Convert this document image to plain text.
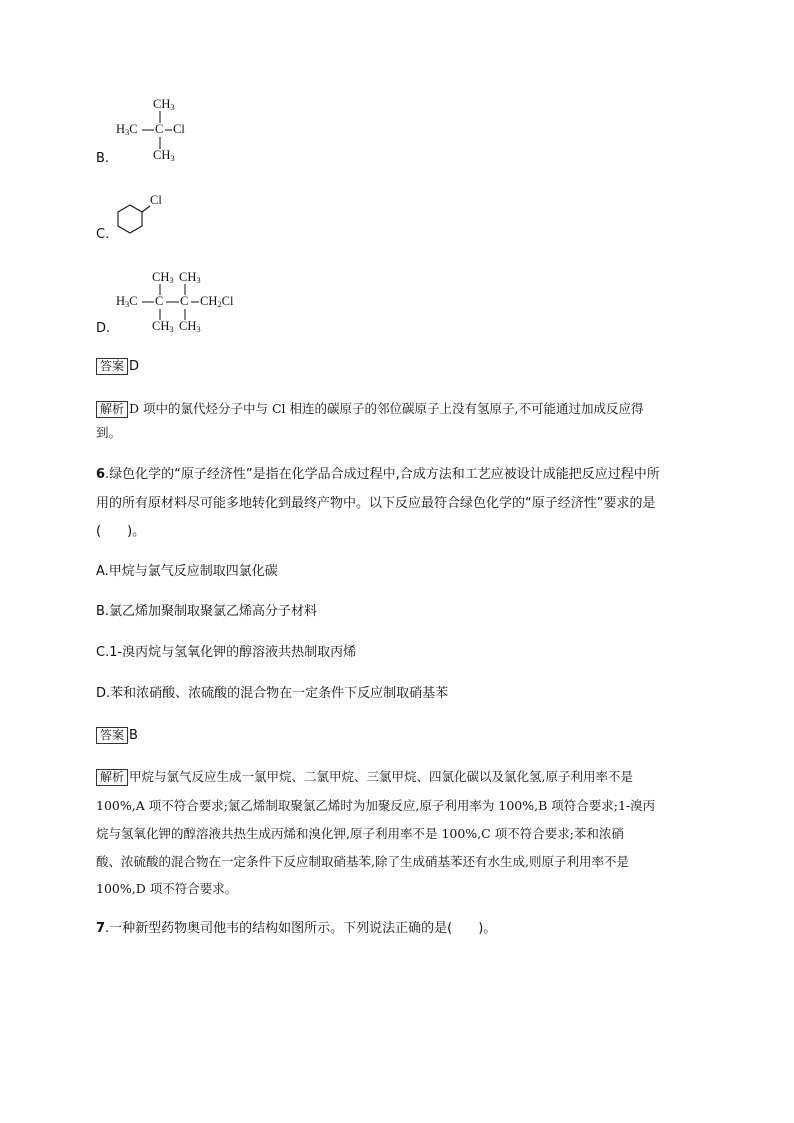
B.
$CH_3$
$H_3C$ C Cl
$CH_3$
C.
Cl
D.
$CH_3$ $CH_3$
$H_3C$ C C $CH_2Cl$
$CH_3$ $CH_3$
答案 D
解析 D 项中的氯代烃分子中与 Cl 相连的碳原子的邻位碳原子上没有氢原子,不可能通过加成反应得
到。
6.绿色化学的“原子经济性”是指在化学品合成过程中,合成方法和工艺应被设计成能把反应过程中所
用的所有原材料尽可能多地转化到最终产物中。以下反应最符合绿色化学的“原子经济性”要求的是
(　　)。
A.甲烷与氯气反应制取四氯化碳
B.氯乙烯加聚制取聚氯乙烯高分子材料
C.1-溴丙烷与氢氧化钾的醇溶液共热制取丙烯
D.苯和浓硝酸、浓硫酸的混合物在一定条件下反应制取硝基苯
答案 B
解析 甲烷与氯气反应生成一氯甲烷、二氯甲烷、三氯甲烷、四氯化碳以及氯化氢,原子利用率不是
100%,A 项不符合要求;氯乙烯制取聚氯乙烯时为加聚反应,原子利用率为 100%,B 项符合要求;1-溴丙
烷与氢氧化钾的醇溶液共热生成丙烯和溴化钾,原子利用率不是 100%,C 项不符合要求;苯和浓硝
酸、浓硫酸的混合物在一定条件下反应制取硝基苯,除了生成硝基苯还有水生成,则原子利用率不是
100%,D 项不符合要求。
7.一种新型药物奥司他韦的结构如图所示。下列说法正确的是(　　)。
